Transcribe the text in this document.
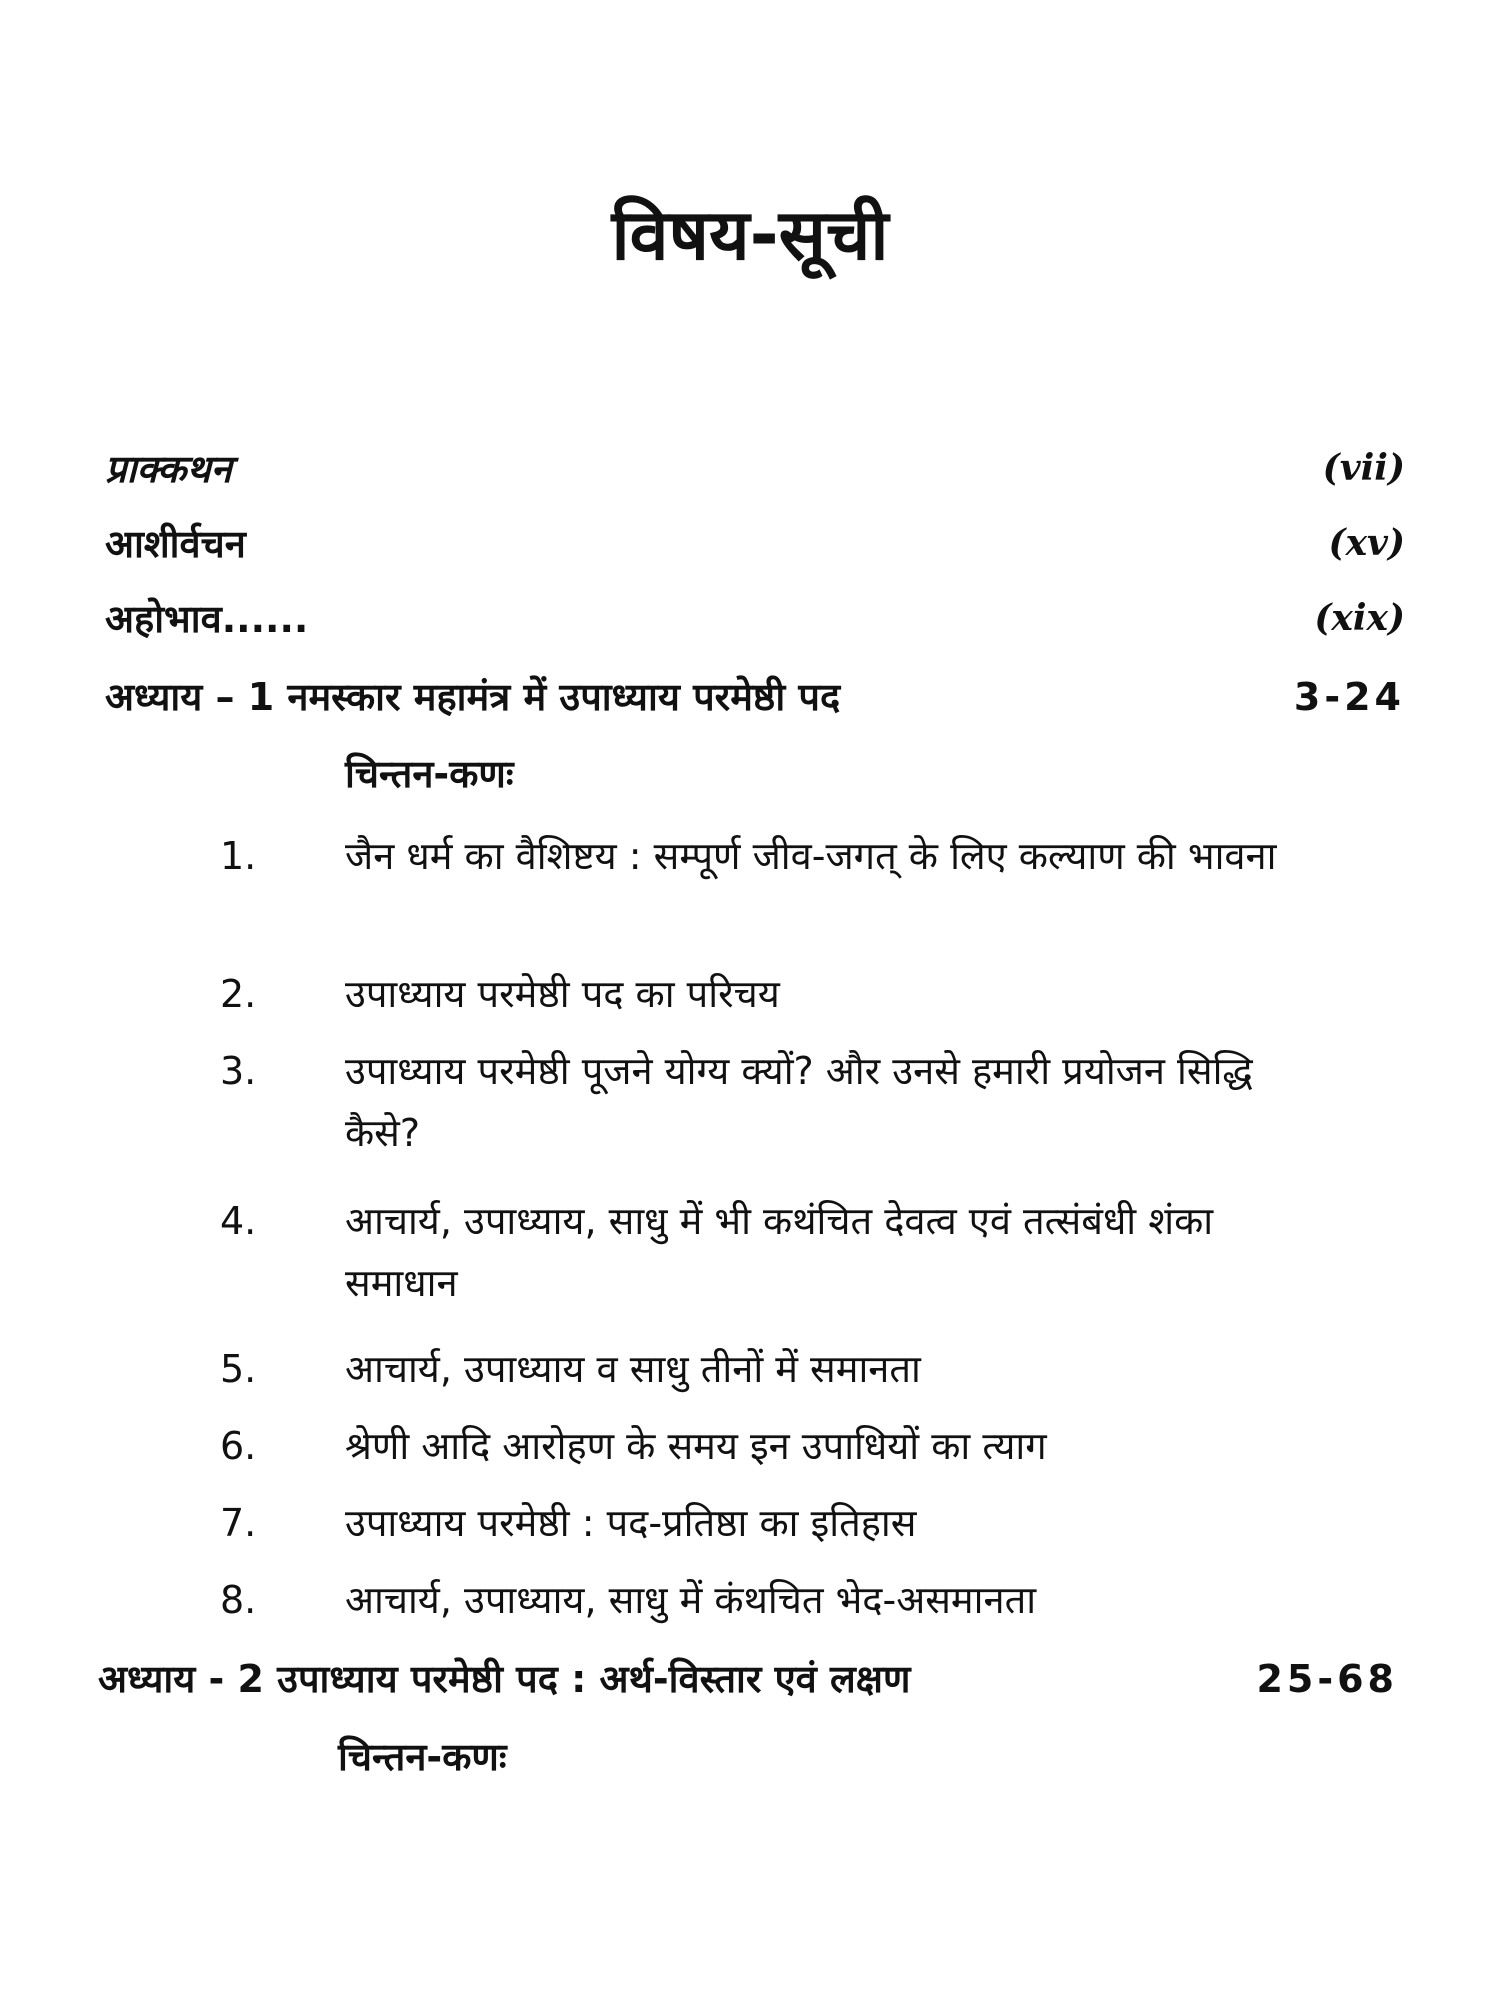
विषय-सूची
प्राक्कथन	(vii)
आशीर्वचन	(xv)
अहोभाव......	(xix)
अध्याय – 1 नमस्कार महामंत्र में उपाध्याय परमेष्ठी पद	3-24
चिन्तन-कणः
1.	जैन धर्म का वैशिष्टय : सम्पूर्ण जीव-जगत् के लिए कल्याण की भावना
2.	उपाध्याय परमेष्ठी पद का परिचय
3.	उपाध्याय परमेष्ठी पूजने योग्य क्यों? और उनसे हमारी प्रयोजन सिद्धि कैसे?
4.	आचार्य, उपाध्याय, साधु में भी कथंचित देवत्व एवं तत्संबंधी शंका समाधान
5.	आचार्य, उपाध्याय व साधु तीनों में समानता
6.	श्रेणी आदि आरोहण के समय इन उपाधियों का त्याग
7.	उपाध्याय परमेष्ठी : पद-प्रतिष्ठा का इतिहास
8.	आचार्य, उपाध्याय, साधु में कंथचित भेद-असमानता
अध्याय - 2 उपाध्याय परमेष्ठी पद : अर्थ-विस्तार एवं लक्षण	25-68
चिन्तन-कणः
